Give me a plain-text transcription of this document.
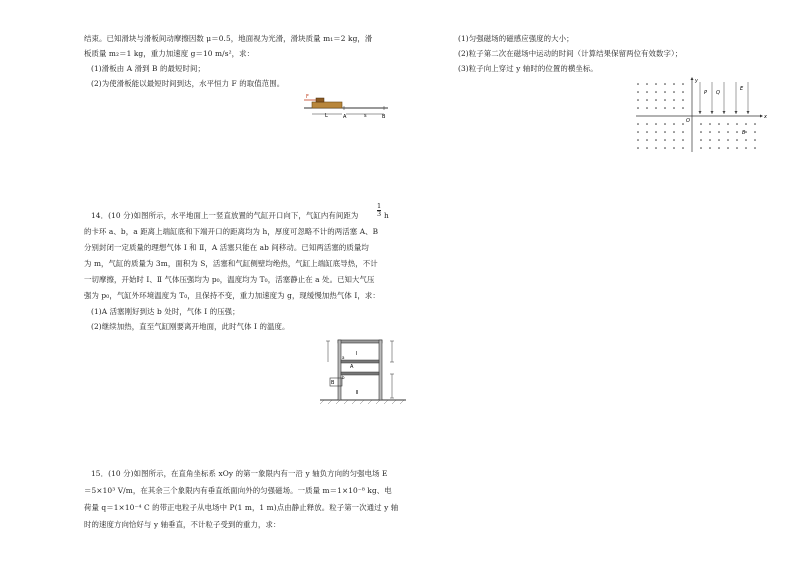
结束。已知滑块与滑板间动摩擦因数 μ＝0.5，地面视为光滑，滑块质量 m₁＝2 kg，滑
板质量 m₂＝1 kg，重力加速度 g＝10 m/s²，求：
(1)滑板由 A 滑到 B 的最短时间；
(2)为使滑板能以最短时间到达，水平恒力 F 的取值范围。
F
L	A	s	B
14．(10 分)如图所示，水平地面上一竖直放置的气缸开口向下，气缸内有间距为	$\frac{1}{3}$ h
的卡环 a、b，a 距离上端缸底和下端开口的距离均为 h，厚度可忽略不计的两活塞 A、B
分别封闭一定质量的理想气体 Ⅰ 和 Ⅱ，A 活塞只能在 ab 间移动。已知两活塞的质量均
为 m，气缸的质量为 3m，面积为 S，活塞和气缸侧壁均绝热，气缸上端缸底导热，不计
一切摩擦，开始时 Ⅰ、Ⅱ 气体压强均为 p₀，温度均为 T₀，活塞静止在 a 处。已知大气压
强为 p₀，气缸外环境温度为 T₀，且保持不变，重力加速度为 g，现缓慢加热气体 Ⅰ，求：
(1)A 活塞刚好到达 b 处时，气体 Ⅰ 的压强；
(2)继续加热，直至气缸刚要离开地面，此时气体 Ⅰ 的温度。
Ⅰ
a
A
b
B
Ⅱ
15．(10 分)如图所示，在直角坐标系 xOy 的第一象限内有一沿 y 轴负方向的匀强电场 E
＝5×10³ V/m，在其余三个象限内有垂直纸面向外的匀强磁场。一质量 m＝1×10⁻⁸ kg、电
荷量 q＝1×10⁻⁴ C 的带正电粒子从电场中 P(1 m，1 m)点由静止释放。粒子第一次通过 y 轴
时的速度方向恰好与 y 轴垂直，不计粒子受到的重力，求：
(1)匀强磁场的磁感应强度的大小；
(2)粒子第二次在磁场中运动的时间（计算结果保留两位有效数字）；
(3)粒子向上穿过 y 轴时的位置的横坐标。
x
y
O
P Q
E
B
